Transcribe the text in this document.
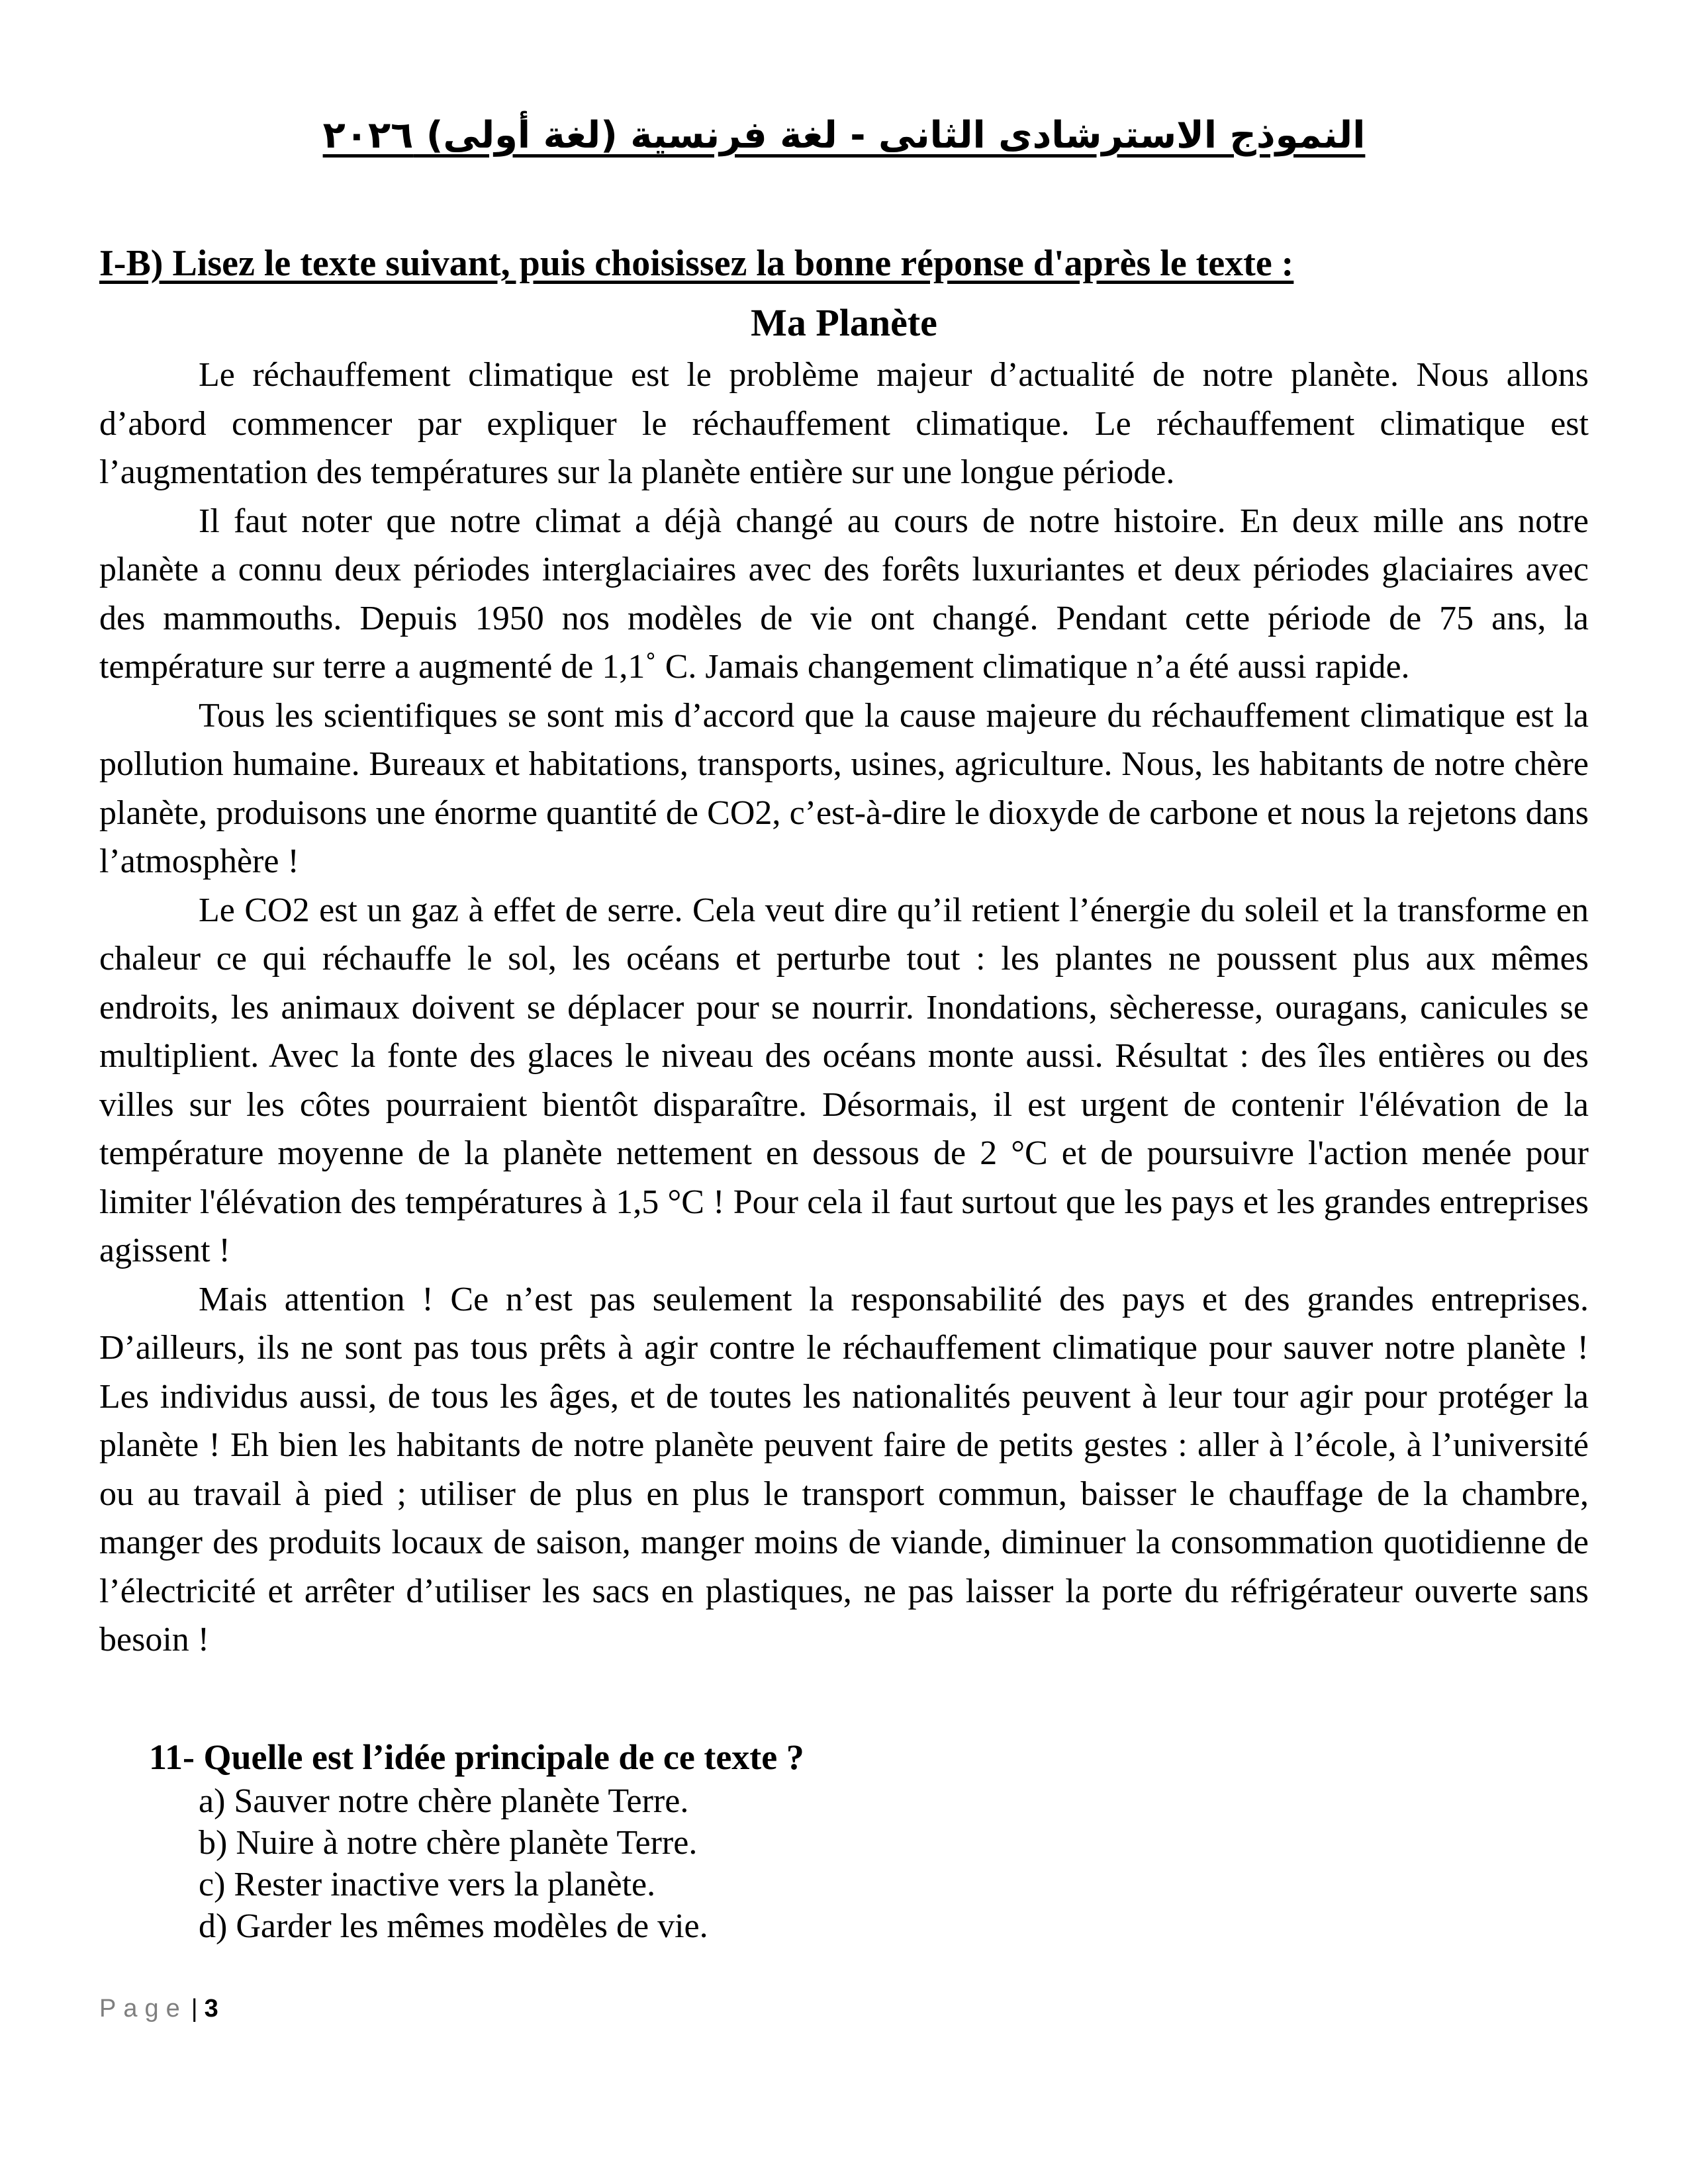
النموذج الاسترشادى الثانى - لغة فرنسية (لغة أولى) ٢٠٢٦
I-B) Lisez le texte suivant, puis choisissez la bonne réponse d'après le texte :
Ma Planète

Le réchauffement climatique est le problème majeur d’actualité de notre planète. Nous allons d’abord commencer par expliquer le réchauffement climatique. Le réchauffement climatique est l’augmentation des températures sur la planète entière sur une longue période.

Il faut noter que notre climat a déjà changé au cours de notre histoire. En deux mille ans notre planète a connu deux périodes interglaciaires avec des forêts luxuriantes et deux périodes glaciaires avec des mammouths. Depuis 1950 nos modèles de vie ont changé. Pendant cette période de 75 ans, la température sur terre a augmenté de 1,1˚ C. Jamais changement climatique n’a été aussi rapide.

Tous les scientifiques se sont mis d’accord que la cause majeure du réchauffement climatique est la pollution humaine. Bureaux et habitations, transports, usines, agriculture. Nous, les habitants de notre chère planète, produisons une énorme quantité de CO2, c’est-à-dire le dioxyde de carbone et nous la rejetons dans l’atmosphère !

Le CO2 est un gaz à effet de serre. Cela veut dire qu’il retient l’énergie du soleil et la transforme en chaleur ce qui réchauffe le sol, les océans et perturbe tout : les plantes ne poussent plus aux mêmes endroits, les animaux doivent se déplacer pour se nourrir. Inondations, sècheresse, ouragans, canicules se multiplient. Avec la fonte des glaces le niveau des océans monte aussi. Résultat : des îles entières ou des villes sur les côtes pourraient bientôt disparaître. Désormais, il est urgent de contenir l'élévation de la température moyenne de la planète nettement en dessous de 2 °C et de poursuivre l'action menée pour limiter l'élévation des températures à 1,5 °C ! Pour cela il faut surtout que les pays et les grandes entreprises agissent !

Mais attention ! Ce n’est pas seulement la responsabilité des pays et des grandes entreprises. D’ailleurs, ils ne sont pas tous prêts à agir contre le réchauffement climatique pour sauver notre planète ! Les individus aussi, de tous les âges, et de toutes les nationalités peuvent à leur tour agir pour protéger la planète ! Eh bien les habitants de notre planète peuvent faire de petits gestes : aller à l’école, à l’université ou au travail à pied ; utiliser de plus en plus le transport commun, baisser le chauffage de la chambre, manger des produits locaux de saison, manger moins de viande, diminuer la consommation quotidienne de l’électricité et arrêter d’utiliser les sacs en plastiques, ne pas laisser la porte du réfrigérateur ouverte sans besoin !

11- Quelle est l’idée principale de ce texte ?
a) Sauver notre chère planète Terre.
b) Nuire à notre chère planète Terre.
c) Rester inactive vers la planète.
d) Garder les mêmes modèles de vie.
Page | 3
